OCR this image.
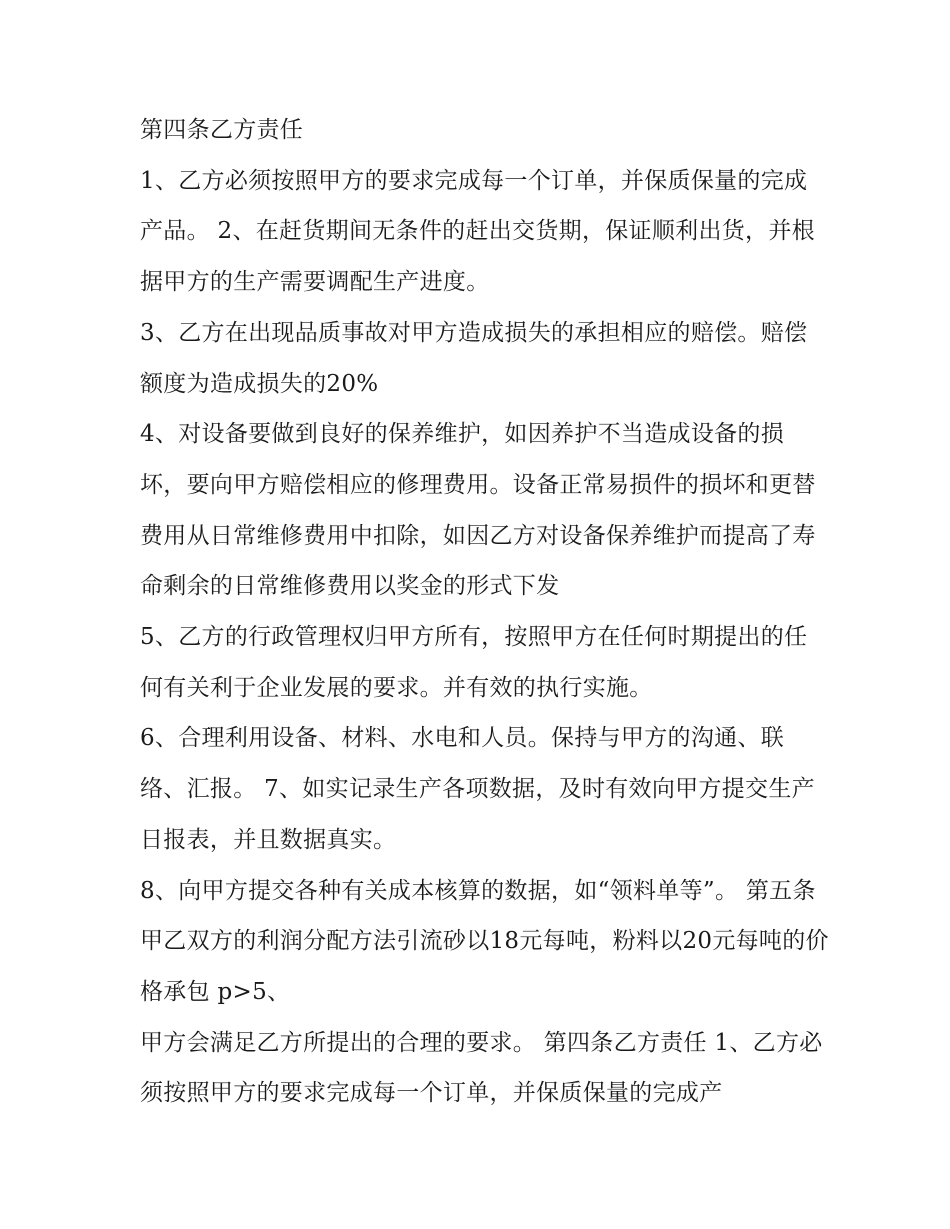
第四条乙方责任

1、乙方必须按照甲方的要求完成每一个订单，并保质保量的完成产品。 2、在赶货期间无条件的赶出交货期，保证顺利出货，并根据甲方的生产需要调配生产进度。

3、乙方在出现品质事故对甲方造成损失的承担相应的赔偿。赔偿额度为造成损失的20%

4、对设备要做到良好的保养维护，如因养护不当造成设备的损坏，要向甲方赔偿相应的修理费用。设备正常易损件的损坏和更替费用从日常维修费用中扣除，如因乙方对设备保养维护而提高了寿命剩余的日常维修费用以奖金的形式下发

5、乙方的行政管理权归甲方所有，按照甲方在任何时期提出的任何有关利于企业发展的要求。并有效的执行实施。

6、合理利用设备、材料、水电和人员。保持与甲方的沟通、联络、汇报。 7、如实记录生产各项数据，及时有效向甲方提交生产日报表，并且数据真实。

8、向甲方提交各种有关成本核算的数据，如“领料单等”。 第五条 甲乙双方的利润分配方法引流砂以18元每吨，粉料以20元每吨的价格承包 p>5、

甲方会满足乙方所提出的合理的要求。 第四条乙方责任 1、乙方必须按照甲方的要求完成每一个订单，并保质保量的完成产
